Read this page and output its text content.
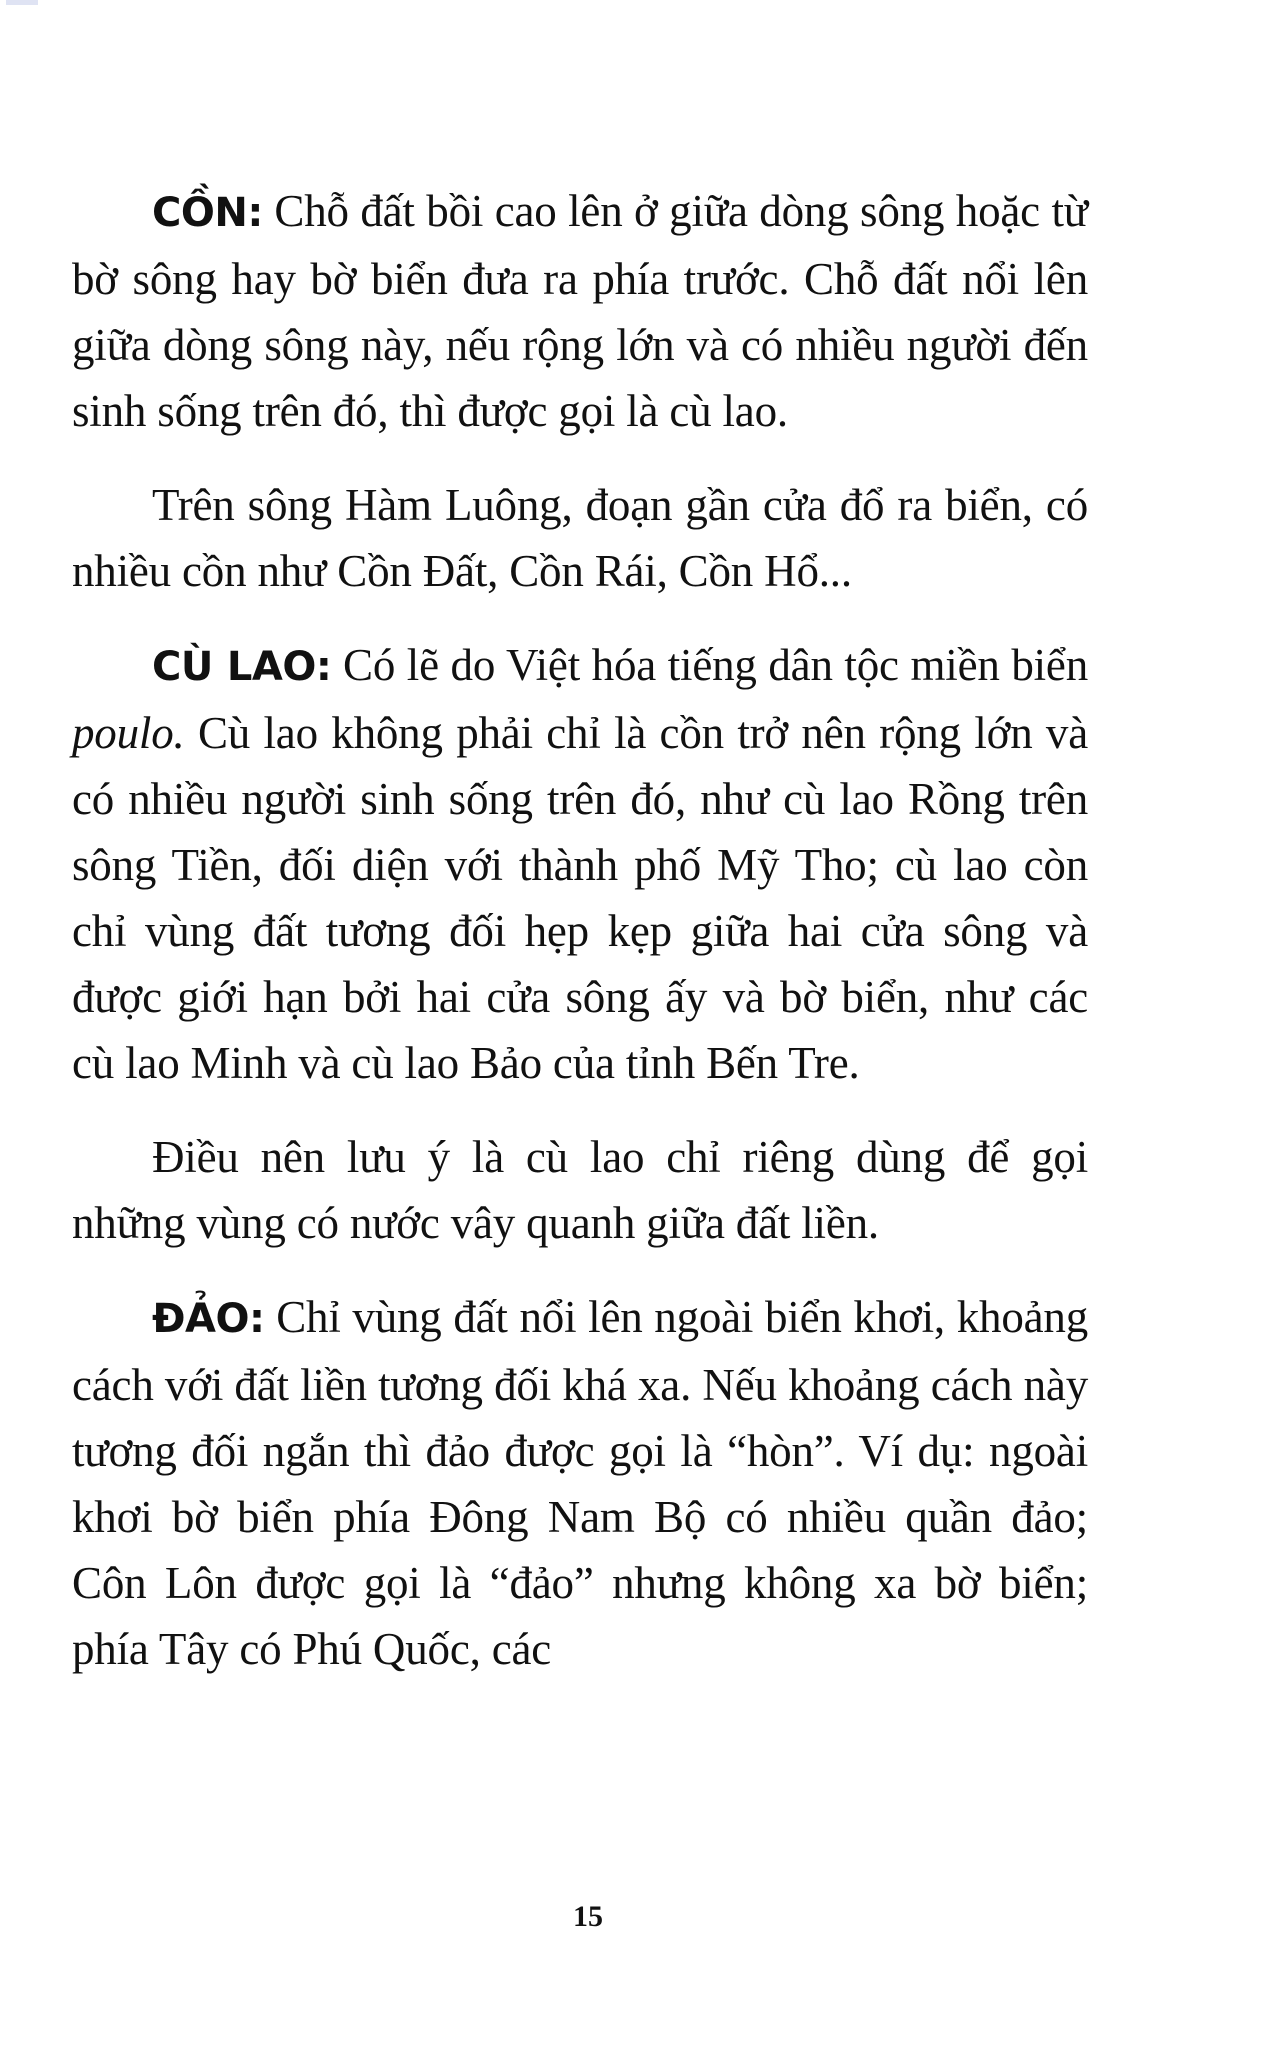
CỒN: Chỗ đất bồi cao lên ở giữa dòng sông hoặc từ bờ sông hay bờ biển đưa ra phía trước. Chỗ đất nổi lên giữa dòng sông này, nếu rộng lớn và có nhiều người đến sinh sống trên đó, thì được gọi là cù lao.

Trên sông Hàm Luông, đoạn gần cửa đổ ra biển, có nhiều cồn như Cồn Đất, Cồn Rái, Cồn Hổ...

CÙ LAO: Có lẽ do Việt hóa tiếng dân tộc miền biển poulo. Cù lao không phải chỉ là cồn trở nên rộng lớn và có nhiều người sinh sống trên đó, như cù lao Rồng trên sông Tiền, đối diện với thành phố Mỹ Tho; cù lao còn chỉ vùng đất tương đối hẹp kẹp giữa hai cửa sông và được giới hạn bởi hai cửa sông ấy và bờ biển, như các cù lao Minh và cù lao Bảo của tỉnh Bến Tre.

Điều nên lưu ý là cù lao chỉ riêng dùng để gọi những vùng có nước vây quanh giữa đất liền.

ĐẢO: Chỉ vùng đất nổi lên ngoài biển khơi, khoảng cách với đất liền tương đối khá xa. Nếu khoảng cách này tương đối ngắn thì đảo được gọi là “hòn”. Ví dụ: ngoài khơi bờ biển phía Đông Nam Bộ có nhiều quần đảo; Côn Lôn được gọi là “đảo” nhưng không xa bờ biển; phía Tây có Phú Quốc, các

15
